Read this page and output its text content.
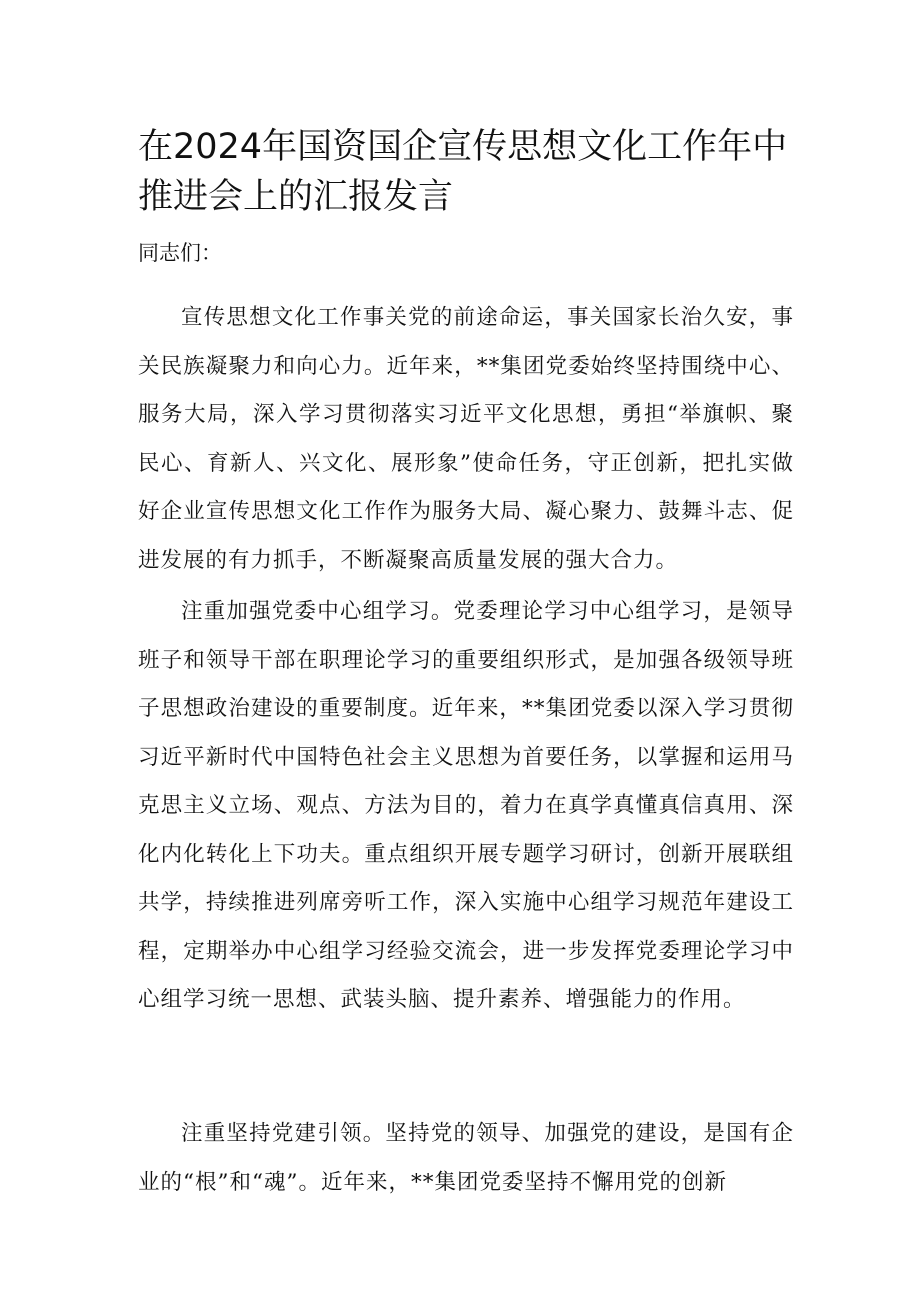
在2024年国资国企宣传思想文化工作年中推进会上的汇报发言

同志们：

宣传思想文化工作事关党的前途命运，事关国家长治久安，事关民族凝聚力和向心力。近年来，**集团党委始终坚持围绕中心、服务大局，深入学习贯彻落实习近平文化思想，勇担“举旗帜、聚民心、育新人、兴文化、展形象”使命任务，守正创新，把扎实做好企业宣传思想文化工作作为服务大局、凝心聚力、鼓舞斗志、促进发展的有力抓手，不断凝聚高质量发展的强大合力。

注重加强党委中心组学习。党委理论学习中心组学习，是领导班子和领导干部在职理论学习的重要组织形式，是加强各级领导班子思想政治建设的重要制度。近年来，**集团党委以深入学习贯彻习近平新时代中国特色社会主义思想为首要任务，以掌握和运用马克思主义立场、观点、方法为目的，着力在真学真懂真信真用、深化内化转化上下功夫。重点组织开展专题学习研讨，创新开展联组共学，持续推进列席旁听工作，深入实施中心组学习规范年建设工程，定期举办中心组学习经验交流会，进一步发挥党委理论学习中心组学习统一思想、武装头脑、提升素养、增强能力的作用。

注重坚持党建引领。坚持党的领导、加强党的建设，是国有企业的“根”和“魂”。近年来，**集团党委坚持不懈用党的创新
